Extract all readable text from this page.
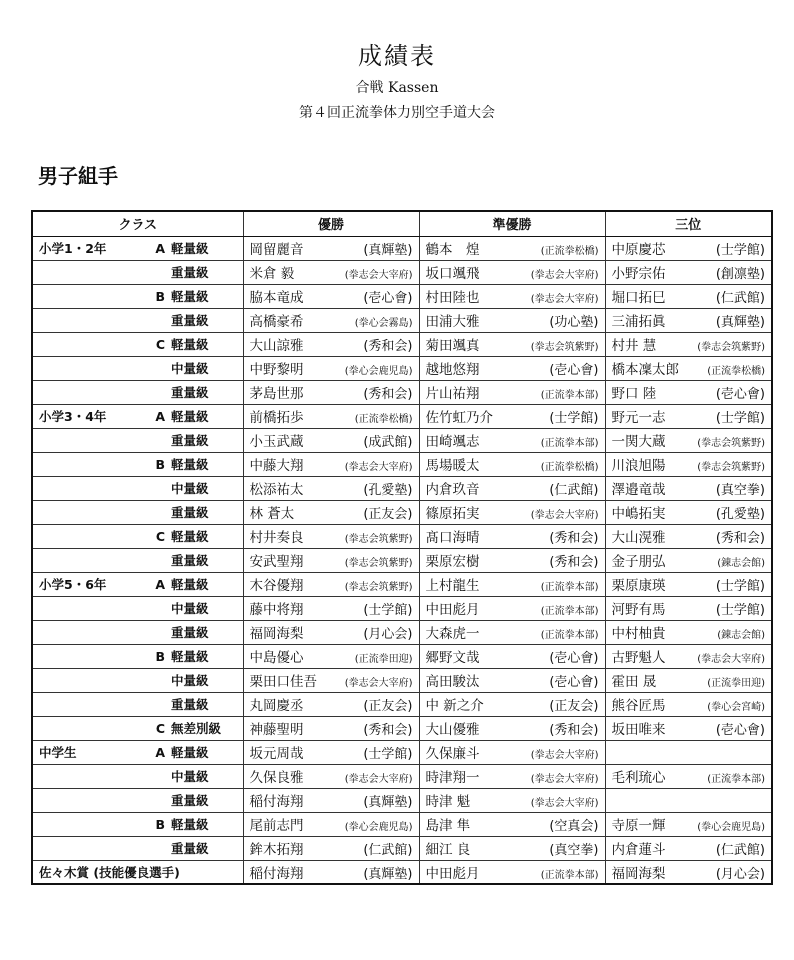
成績表
合戦 Kassen
第４回正流拳体力別空手道大会
男子組手
クラス	優勝	準優勝	三位

小学1・2年 A 軽量級	岡留麗音 (真輝塾)	鶴本　煌 (正流拳松橋)	中原慶芯 (士学館)

重量級	米倉 毅 (拳志会大宰府)	坂口颯飛 (拳志会大宰府)	小野宗佑 (創凛塾)

B 軽量級	脇本竜成 (壱心會)	村田陸也 (拳志会大宰府)	堀口拓巳 (仁武館)

重量級	高橋豪希 (拳心会霧島)	田浦大雅 (功心塾)	三浦拓眞 (真輝塾)

C 軽量級	大山諒雅 (秀和会)	菊田颯真 (拳志会筑紫野)	村井 慧 (拳志会筑紫野)

中量級	中野黎明 (拳心会鹿児島)	越地悠翔 (壱心會)	橋本凜太郎 (正流拳松橋)

重量級	茅島世那 (秀和会)	片山祐翔 (正流拳本部)	野口 陸 (壱心會)

小学3・4年 A 軽量級	前橋拓歩 (正流拳松橋)	佐竹虹乃介 (士学館)	野元一志 (士学館)

重量級	小玉武蔵 (成武館)	田崎颯志 (正流拳本部)	一関大蔵 (拳志会筑紫野)

B 軽量級	中藤大翔 (拳志会大宰府)	馬場暖太 (正流拳松橋)	川浪旭陽 (拳志会筑紫野)

中量級	松添祐太 (孔愛塾)	内倉玖音 (仁武館)	澤邉竜哉 (真空拳)

重量級	林 蒼太 (正友会)	篠原拓実 (拳志会大宰府)	中嶋拓実 (孔愛塾)

C 軽量級	村井奏良 (拳志会筑紫野)	髙口海晴 (秀和会)	大山滉雅 (秀和会)

重量級	安武聖翔 (拳志会筑紫野)	栗原宏樹 (秀和会)	金子朋弘 (錬志会館)

小学5・6年 A 軽量級	木谷優翔 (拳志会筑紫野)	上村龍生 (正流拳本部)	栗原康瑛 (士学館)

中量級	藤中将翔 (士学館)	中田彪月 (正流拳本部)	河野有馬 (士学館)

重量級	福岡海梨 (月心会)	大森虎一 (正流拳本部)	中村柚貴 (錬志会館)

B 軽量級	中島優心 (正流拳田迎)	郷野文哉 (壱心會)	古野魁人 (拳志会大宰府)

中量級	栗田口佳吾 (拳志会大宰府)	高田駿汰 (壱心會)	霍田 晟 (正流拳田迎)

重量級	丸岡慶丞 (正友会)	中 新之介 (正友会)	熊谷匠馬 (拳心会宮崎)

C 無差別級	神藤聖明 (秀和会)	大山優雅 (秀和会)	坂田唯来 (壱心會)

中学生 A 軽量級	坂元周哉 (士学館)	久保廉斗 (拳志会大宰府)	

中量級	久保良雅 (拳志会大宰府)	時津翔一 (拳志会大宰府)	毛利琉心 (正流拳本部)

重量級	稲付海翔 (真輝塾)	時津 魁 (拳志会大宰府)	

B 軽量級	尾前志門 (拳心会鹿児島)	島津 隼 (空真会)	寺原一輝 (拳心会鹿児島)

重量級	鉾木拓翔 (仁武館)	細江 良 (真空拳)	内倉蓮斗 (仁武館)

佐々木賞 (技能優良選手)	稲付海翔 (真輝塾)	中田彪月 (正流拳本部)	福岡海梨 (月心会)
